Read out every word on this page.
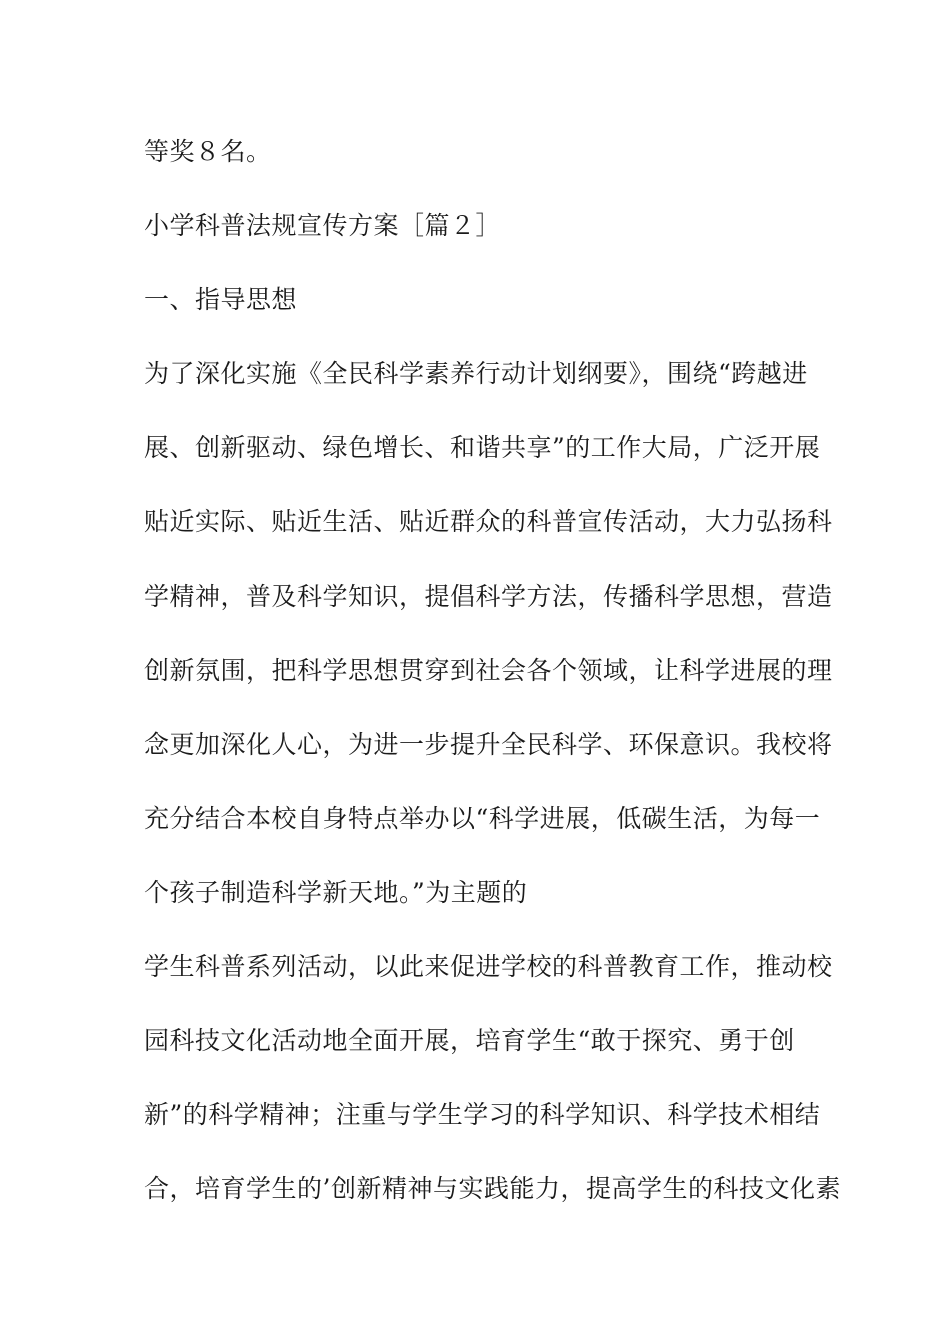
等奖８名。
小学科普法规宣传方案［篇２］
一、指导思想
为了深化实施《全民科学素养行动计划纲要》，围绕“跨越进
展、创新驱动、绿色增长、和谐共享”的工作大局，广泛开展
贴近实际、贴近生活、贴近群众的科普宣传活动，大力弘扬科
学精神，普及科学知识，提倡科学方法，传播科学思想，营造
创新氛围，把科学思想贯穿到社会各个领域，让科学进展的理
念更加深化人心，为进一步提升全民科学、环保意识。我校将
充分结合本校自身特点举办以“科学进展，低碳生活，为每一
个孩子制造科学新天地。”为主题的
学生科普系列活动，以此来促进学校的科普教育工作，推动校
园科技文化活动地全面开展，培育学生“敢于探究、勇于创
新”的科学精神；注重与学生学习的科学知识、科学技术相结
合，培育学生的’创新精神与实践能力，提高学生的科技文化素
